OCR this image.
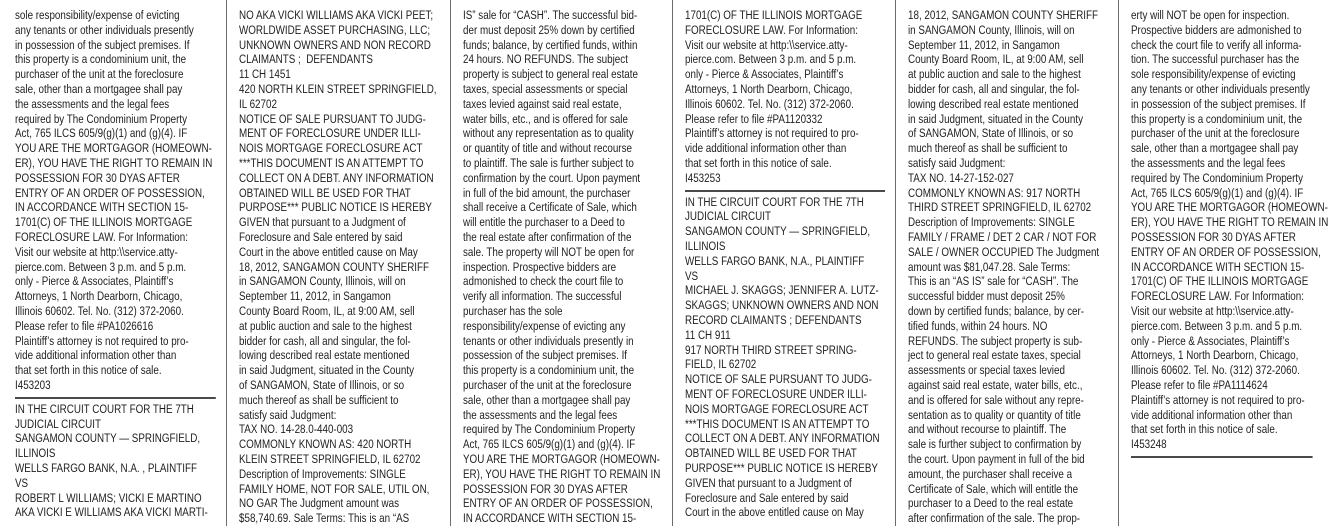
sole responsibility/expense of evicting
any tenants or other individuals presently
in possession of the subject premises. If
this property is a condominium unit, the
purchaser of the unit at the foreclosure
sale, other than a mortgagee shall pay
the assessments and the legal fees
required by The Condominium Property
Act, 765 ILCS 605/9(g)(1) and (g)(4). IF
YOU ARE THE MORTGAGOR (HOMEOWN-
ER), YOU HAVE THE RIGHT TO REMAIN IN
POSSESSION FOR 30 DYAS AFTER
ENTRY OF AN ORDER OF POSSESSION,
IN ACCORDANCE WITH SECTION 15-
1701(C) OF THE ILLINOIS MORTGAGE
FORECLOSURE LAW. For Information:
Visit our website at http:\\service.atty-
pierce.com. Between 3 p.m. and 5 p.m.
only - Pierce & Associates, Plaintiff’s
Attorneys, 1 North Dearborn, Chicago,
Illinois 60602. Tel. No. (312) 372-2060.
Please refer to file #PA1026616
Plaintiff’s attorney is not required to pro-
vide additional information other than
that set forth in this notice of sale.
I453203
IN THE CIRCUIT COURT FOR THE 7TH
JUDICIAL CIRCUIT
SANGAMON COUNTY — SPRINGFIELD,
ILLINOIS
WELLS FARGO BANK, N.A. , PLAINTIFF
VS
ROBERT L WILLIAMS; VICKI E MARTINO
AKA VICKI E WILLIAMS AKA VICKI MARTI-
NO AKA VICKI WILLIAMS AKA VICKI PEET;
WORLDWIDE ASSET PURCHASING, LLC;
UNKNOWN OWNERS AND NON RECORD
CLAIMANTS ;  DEFENDANTS
11 CH 1451
420 NORTH KLEIN STREET SPRINGFIELD,
IL 62702
NOTICE OF SALE PURSUANT TO JUDG-
MENT OF FORECLOSURE UNDER ILLI-
NOIS MORTGAGE FORECLOSURE ACT
***THIS DOCUMENT IS AN ATTEMPT TO
COLLECT ON A DEBT. ANY INFORMATION
OBTAINED WILL BE USED FOR THAT
PURPOSE*** PUBLIC NOTICE IS HEREBY
GIVEN that pursuant to a Judgment of
Foreclosure and Sale entered by said
Court in the above entitled cause on May
18, 2012, SANGAMON COUNTY SHERIFF
in SANGAMON County, Illinois, will on
September 11, 2012, in Sangamon
County Board Room, IL, at 9:00 AM, sell
at public auction and sale to the highest
bidder for cash, all and singular, the fol-
lowing described real estate mentioned
in said Judgment, situated in the County
of SANGAMON, State of Illinois, or so
much thereof as shall be sufficient to
satisfy said Judgment:
TAX NO. 14-28.0-440-003
COMMONLY KNOWN AS: 420 NORTH
KLEIN STREET SPRINGFIELD, IL 62702
Description of Improvements: SINGLE
FAMILY HOME, NOT FOR SALE, UTIL ON,
NO GAR The Judgment amount was
$58,740.69. Sale Terms: This is an “AS
IS” sale for “CASH”. The successful bid-
der must deposit 25% down by certified
funds; balance, by certified funds, within
24 hours. NO REFUNDS. The subject
property is subject to general real estate
taxes, special assessments or special
taxes levied against said real estate,
water bills, etc., and is offered for sale
without any representation as to quality
or quantity of title and without recourse
to plaintiff. The sale is further subject to
confirmation by the court. Upon payment
in full of the bid amount, the purchaser
shall receive a Certificate of Sale, which
will entitle the purchaser to a Deed to
the real estate after confirmation of the
sale. The property will NOT be open for
inspection. Prospective bidders are
admonished to check the court file to
verify all information. The successful
purchaser has the sole
responsibility/expense of evicting any
tenants or other individuals presently in
possession of the subject premises. If
this property is a condominium unit, the
purchaser of the unit at the foreclosure
sale, other than a mortgagee shall pay
the assessments and the legal fees
required by The Condominium Property
Act, 765 ILCS 605/9(g)(1) and (g)(4). IF
YOU ARE THE MORTGAGOR (HOMEOWN-
ER), YOU HAVE THE RIGHT TO REMAIN IN
POSSESSION FOR 30 DYAS AFTER
ENTRY OF AN ORDER OF POSSESSION,
IN ACCORDANCE WITH SECTION 15-
1701(C) OF THE ILLINOIS MORTGAGE
FORECLOSURE LAW. For Information:
Visit our website at http:\\service.atty-
pierce.com. Between 3 p.m. and 5 p.m.
only - Pierce & Associates, Plaintiff’s
Attorneys, 1 North Dearborn, Chicago,
Illinois 60602. Tel. No. (312) 372-2060.
Please refer to file #PA1120332
Plaintiff’s attorney is not required to pro-
vide additional information other than
that set forth in this notice of sale.
I453253
IN THE CIRCUIT COURT FOR THE 7TH
JUDICIAL CIRCUIT
SANGAMON COUNTY — SPRINGFIELD,
ILLINOIS
WELLS FARGO BANK, N.A., PLAINTIFF
VS
MICHAEL J. SKAGGS; JENNIFER A. LUTZ-
SKAGGS; UNKNOWN OWNERS AND NON
RECORD CLAIMANTS ; DEFENDANTS
11 CH 911
917 NORTH THIRD STREET SPRING-
FIELD, IL 62702
NOTICE OF SALE PURSUANT TO JUDG-
MENT OF FORECLOSURE UNDER ILLI-
NOIS MORTGAGE FORECLOSURE ACT
***THIS DOCUMENT IS AN ATTEMPT TO
COLLECT ON A DEBT. ANY INFORMATION
OBTAINED WILL BE USED FOR THAT
PURPOSE*** PUBLIC NOTICE IS HEREBY
GIVEN that pursuant to a Judgment of
Foreclosure and Sale entered by said
Court in the above entitled cause on May
18, 2012, SANGAMON COUNTY SHERIFF
in SANGAMON County, Illinois, will on
September 11, 2012, in Sangamon
County Board Room, IL, at 9:00 AM, sell
at public auction and sale to the highest
bidder for cash, all and singular, the fol-
lowing described real estate mentioned
in said Judgment, situated in the County
of SANGAMON, State of Illinois, or so
much thereof as shall be sufficient to
satisfy said Judgment:
TAX NO. 14-27-152-027
COMMONLY KNOWN AS: 917 NORTH
THIRD STREET SPRINGFIELD, IL 62702
Description of Improvements: SINGLE
FAMILY / FRAME / DET 2 CAR / NOT FOR
SALE / OWNER OCCUPIED The Judgment
amount was $81,047.28. Sale Terms:
This is an “AS IS” sale for “CASH”. The
successful bidder must deposit 25%
down by certified funds; balance, by cer-
tified funds, within 24 hours. NO
REFUNDS. The subject property is sub-
ject to general real estate taxes, special
assessments or special taxes levied
against said real estate, water bills, etc.,
and is offered for sale without any repre-
sentation as to quality or quantity of title
and without recourse to plaintiff. The
sale is further subject to confirmation by
the court. Upon payment in full of the bid
amount, the purchaser shall receive a
Certificate of Sale, which will entitle the
purchaser to a Deed to the real estate
after confirmation of the sale. The prop-
erty will NOT be open for inspection.
Prospective bidders are admonished to
check the court file to verify all informa-
tion. The successful purchaser has the
sole responsibility/expense of evicting
any tenants or other individuals presently
in possession of the subject premises. If
this property is a condominium unit, the
purchaser of the unit at the foreclosure
sale, other than a mortgagee shall pay
the assessments and the legal fees
required by The Condominium Property
Act, 765 ILCS 605/9(g)(1) and (g)(4). IF
YOU ARE THE MORTGAGOR (HOMEOWN-
ER), YOU HAVE THE RIGHT TO REMAIN IN
POSSESSION FOR 30 DYAS AFTER
ENTRY OF AN ORDER OF POSSESSION,
IN ACCORDANCE WITH SECTION 15-
1701(C) OF THE ILLINOIS MORTGAGE
FORECLOSURE LAW. For Information:
Visit our website at http:\\service.atty-
pierce.com. Between 3 p.m. and 5 p.m.
only - Pierce & Associates, Plaintiff’s
Attorneys, 1 North Dearborn, Chicago,
Illinois 60602. Tel. No. (312) 372-2060.
Please refer to file #PA1114624
Plaintiff’s attorney is not required to pro-
vide additional information other than
that set forth in this notice of sale.
I453248
